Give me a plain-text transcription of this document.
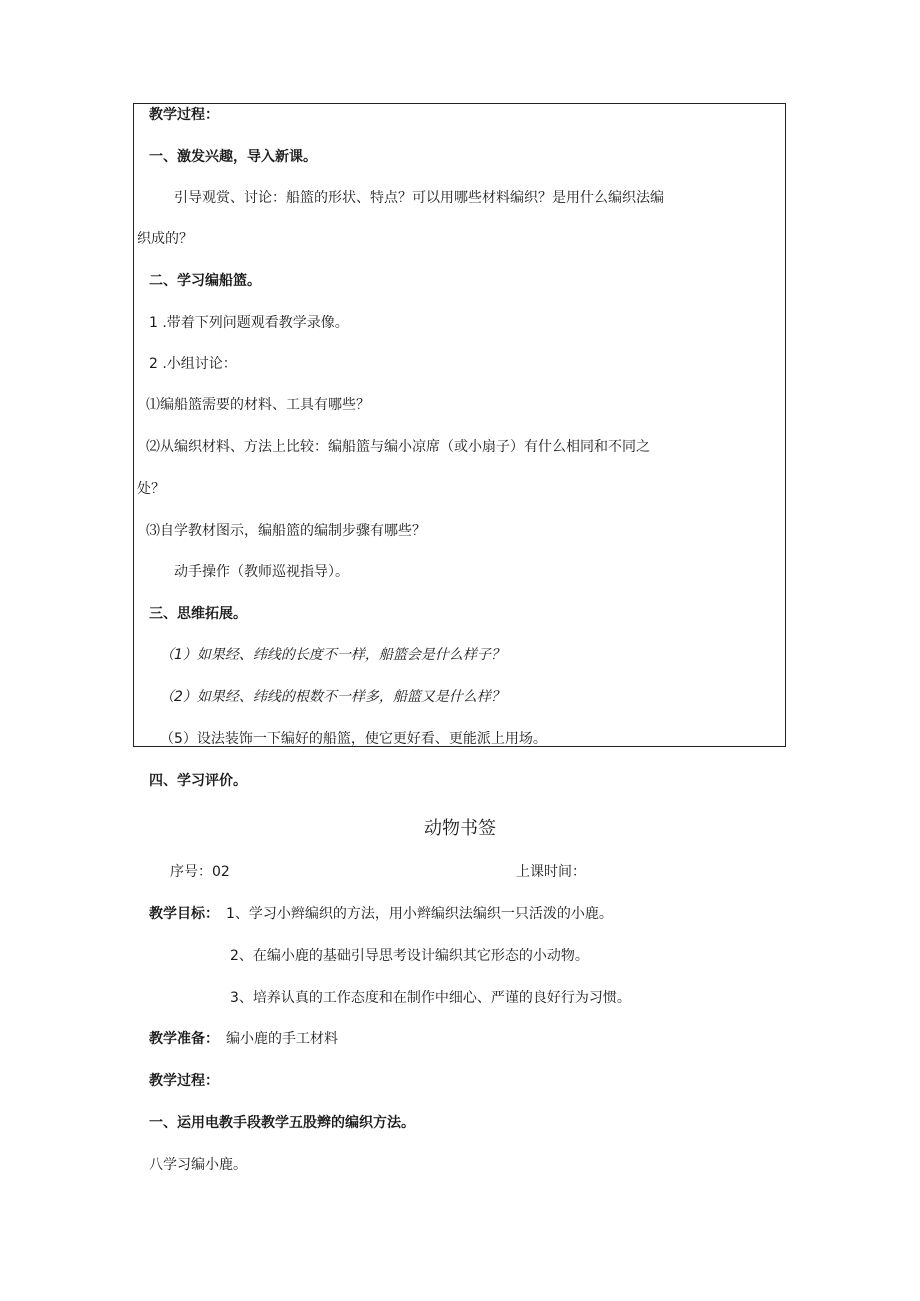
教学过程：
一、激发兴趣，导入新课。
引导观赏、讨论：船篮的形状、特点？可以用哪些材料编织？是用什么编织法编
织成的？
二、学习编船篮。
1 .带着下列问题观看教学录像。
2 .小组讨论：
⑴编船篮需要的材料、工具有哪些？
⑵从编织材料、方法上比较：编船篮与编小凉席（或小扇子）有什么相同和不同之
处？
⑶自学教材图示，编船篮的编制步骤有哪些？
动手操作（教师巡视指导）。
三、思维拓展。
（1）如果经、纬线的长度不一样，船篮会是什么样子？
（2）如果经、纬线的根数不一样多，船篮又是什么样？
（5）设法装饰一下编好的船篮，使它更好看、更能派上用场。
四、学习评价。
动物书签
序号：02	上课时间：
教学目标： 1、学习小辫编织的方法，用小辫编织法编织一只活泼的小鹿。
2、在编小鹿的基础引导思考设计编织其它形态的小动物。
3、培养认真的工作态度和在制作中细心、严谨的良好行为习惯。
教学准备： 编小鹿的手工材料
教学过程：
一、运用电教手段教学五股辫的编织方法。
八学习编小鹿。
